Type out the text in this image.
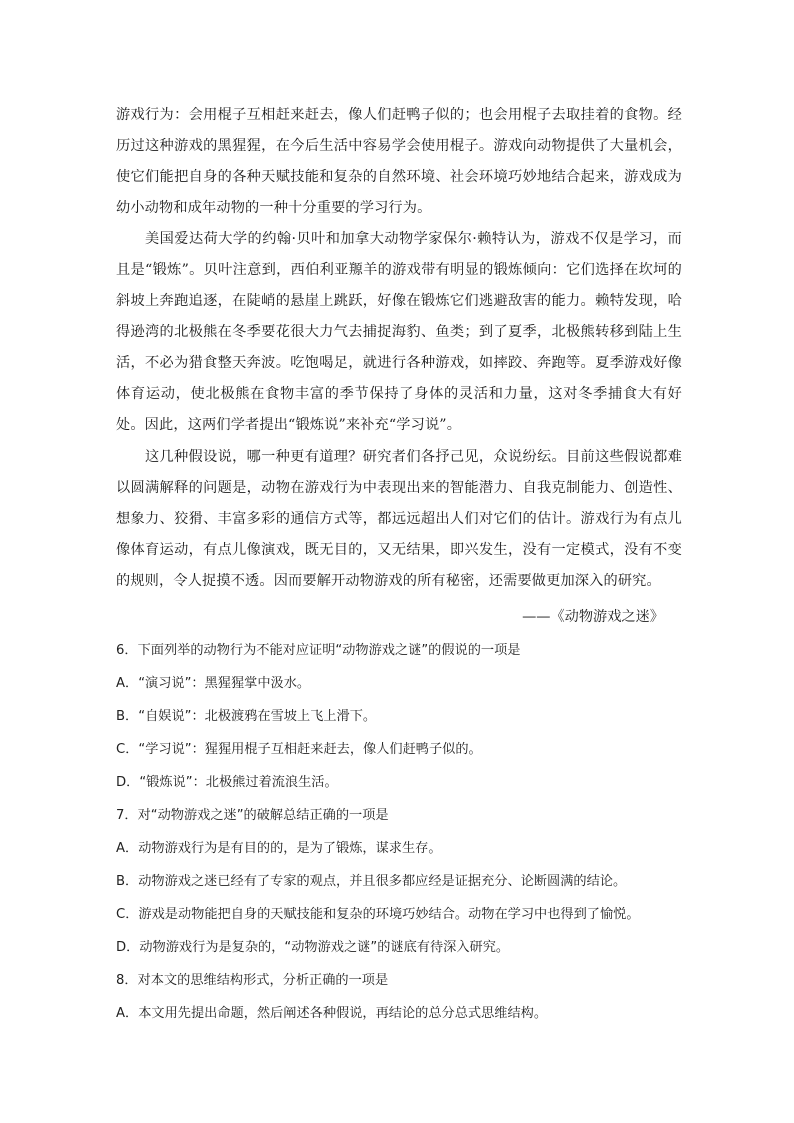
游戏行为：会用棍子互相赶来赶去，像人们赶鸭子似的；也会用棍子去取挂着的食物。经历过这种游戏的黑猩猩，在今后生活中容易学会使用棍子。游戏向动物提供了大量机会，使它们能把自身的各种天赋技能和复杂的自然环境、社会环境巧妙地结合起来，游戏成为幼小动物和成年动物的一种十分重要的学习行为。

美国爱达荷大学的约翰·贝叶和加拿大动物学家保尔·赖特认为，游戏不仅是学习，而且是“锻炼”。贝叶注意到，西伯利亚羱羊的游戏带有明显的锻炼倾向：它们选择在坎坷的斜坡上奔跑追逐，在陡峭的悬崖上跳跃，好像在锻炼它们逃避敌害的能力。赖特发现，哈得逊湾的北极熊在冬季要花很大力气去捕捉海豹、鱼类；到了夏季，北极熊转移到陆上生活，不必为猎食整天奔波。吃饱喝足，就进行各种游戏，如摔跤、奔跑等。夏季游戏好像体育运动，使北极熊在食物丰富的季节保持了身体的灵活和力量，这对冬季捕食大有好处。因此，这两们学者提出“锻炼说”来补充“学习说”。

这几种假设说，哪一种更有道理？研究者们各抒己见，众说纷纭。目前这些假说都难以圆满解释的问题是，动物在游戏行为中表现出来的智能潜力、自我克制能力、创造性、想象力、狡猾、丰富多彩的通信方式等，都远远超出人们对它们的估计。游戏行为有点儿像体育运动，有点儿像演戏，既无目的，又无结果，即兴发生，没有一定模式，没有不变的规则，令人捉摸不透。因而要解开动物游戏的所有秘密，还需要做更加深入的研究。

——《动物游戏之迷》

6．下面列举的动物行为不能对应证明“动物游戏之谜”的假说的一项是

A．“演习说”：黑猩猩掌中汲水。

B．“自娱说”：北极渡鸦在雪坡上飞上滑下。

C．“学习说”：猩猩用棍子互相赶来赶去，像人们赶鸭子似的。

D．“锻炼说”：北极熊过着流浪生活。

7．对“动物游戏之迷”的破解总结正确的一项是

A．动物游戏行为是有目的的，是为了锻炼，谋求生存。

B．动物游戏之迷已经有了专家的观点，并且很多都应经是证据充分、论断圆满的结论。

C．游戏是动物能把自身的天赋技能和复杂的环境巧妙结合。动物在学习中也得到了愉悦。

D．动物游戏行为是复杂的，“动物游戏之谜”的谜底有待深入研究。

8．对本文的思维结构形式，分析正确的一项是

A．本文用先提出命题，然后阐述各种假说，再结论的总分总式思维结构。
